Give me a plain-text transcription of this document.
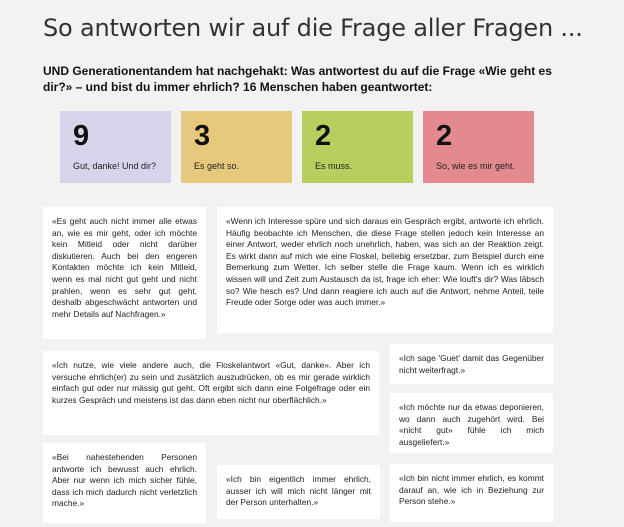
So antworten wir auf die Frage aller Fragen ...
UND Generationentandem hat nachgehakt: Was antwortest du auf die Frage «Wie geht es dir?» – und bist du immer ehrlich? 16 Menschen haben geantwortet:
9
Gut, danke! Und dir?
3
Es geht so.
2
Es muss.
2
So, wie es mir geht.
«Es geht auch nicht immer alle etwas an, wie es mir geht, oder ich möchte kein Mitleid oder nicht darüber diskutieren. Auch bei den engeren Kontakten möchte ich kein Mitleid, wenn es mal nicht gut geht und nicht prahlen, wenn es sehr gut geht, deshalb abgeschwächt antworten und mehr Details auf Nachfragen.»
«Wenn ich Interesse spüre und sich daraus ein Gespräch ergibt, antworte ich ehrlich. Häufig beobachte ich Menschen, die diese Frage stellen jedoch kein Interesse an einer Antwort, weder ehrlich noch unehrlich, haben, was sich an der Reaktion zeigt. Es wirkt dann auf mich wie eine Floskel, beliebig ersetzbar, zum Beispiel durch eine Bemerkung zum Wetter. Ich selber stelle die Frage kaum. Wenn ich es wirklich wissen will und Zeit zum Austausch da ist, frage ich eher: Wie louft's dir? Was läbsch so? Wie hesch es? Und dann reagiere ich auch auf die Antwort, nehme Anteil, teile Freude oder Sorge oder was auch immer.»
«Ich nutze, wie viele andere auch, die Floskelantwort «Gut, danke». Aber ich versuche ehrlich(er) zu sein und zusätzlich auszudrücken, ob es mir gerade wirklich einfach gut oder nur mässig gut geht. Oft ergibt sich dann eine Folgefrage oder ein kurzes Gespräch und meistens ist das dann eben nicht nur oberflächlich.»
«Ich sage 'Guet' damit das Gegenüber nicht weiterfragt.»
«Ich möchte nur da etwas deponieren, wo dann auch zugehört wird. Bei «nicht gut» fühle ich mich ausgeliefert.»
«Bei nahestehenden Personen antworte ich bewusst auch ehrlich. Aber nur wenn ich mich sicher fühle, dass ich mich dadurch nicht verletzlich mache.»
«Ich bin eigentlich immer ehrlich, ausser ich will mich nicht länger mit der Person unterhalten.»
«Ich bin nicht immer ehrlich, es kommt darauf an, wie ich in Beziehung zur Person stehe.»
